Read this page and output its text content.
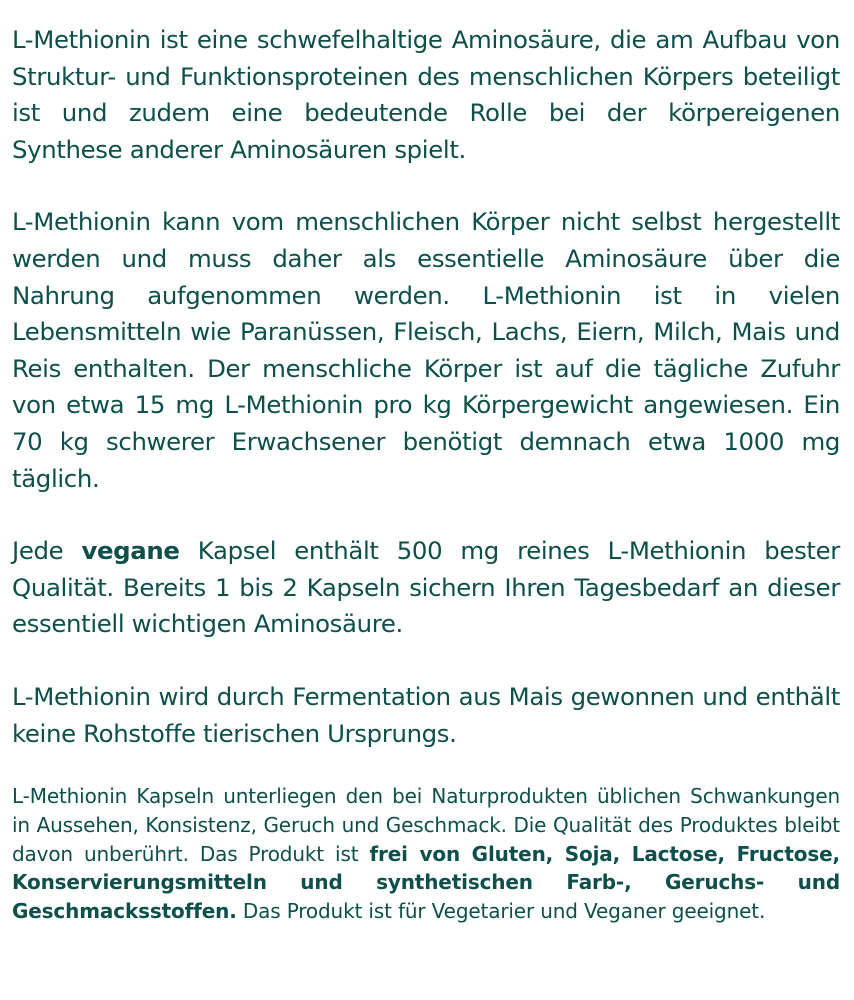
L-Methionin ist eine schwefelhaltige Aminosäure, die am Aufbau von Struktur- und Funktionsproteinen des menschlichen Körpers beteiligt ist und zudem eine bedeutende Rolle bei der körpereigenen Synthese anderer Aminosäuren spielt.

L-Methionin kann vom menschlichen Körper nicht selbst hergestellt werden und muss daher als essentielle Aminosäure über die Nahrung aufgenommen werden. L-Methionin ist in vielen Lebensmitteln wie Paranüssen, Fleisch, Lachs, Eiern, Milch, Mais und Reis enthalten. Der menschliche Körper ist auf die tägliche Zufuhr von etwa 15 mg L-Methionin pro kg Körpergewicht angewiesen. Ein 70 kg schwerer Erwachsener benötigt demnach etwa 1000 mg täglich.

Jede vegane Kapsel enthält 500 mg reines L-Methionin bester Qualität. Bereits 1 bis 2 Kapseln sichern Ihren Tagesbedarf an dieser essentiell wichtigen Aminosäure.

L-Methionin wird durch Fermentation aus Mais gewonnen und enthält keine Rohstoffe tierischen Ursprungs.

L-Methionin Kapseln unterliegen den bei Naturprodukten üblichen Schwankungen in Aussehen, Konsistenz, Geruch und Geschmack. Die Qualität des Produktes bleibt davon unberührt. Das Produkt ist frei von Gluten, Soja, Lactose, Fructose, Konservierungsmitteln und synthetischen Farb-, Geruchs- und Geschmacksstoffen. Das Produkt ist für Vegetarier und Veganer geeignet.
